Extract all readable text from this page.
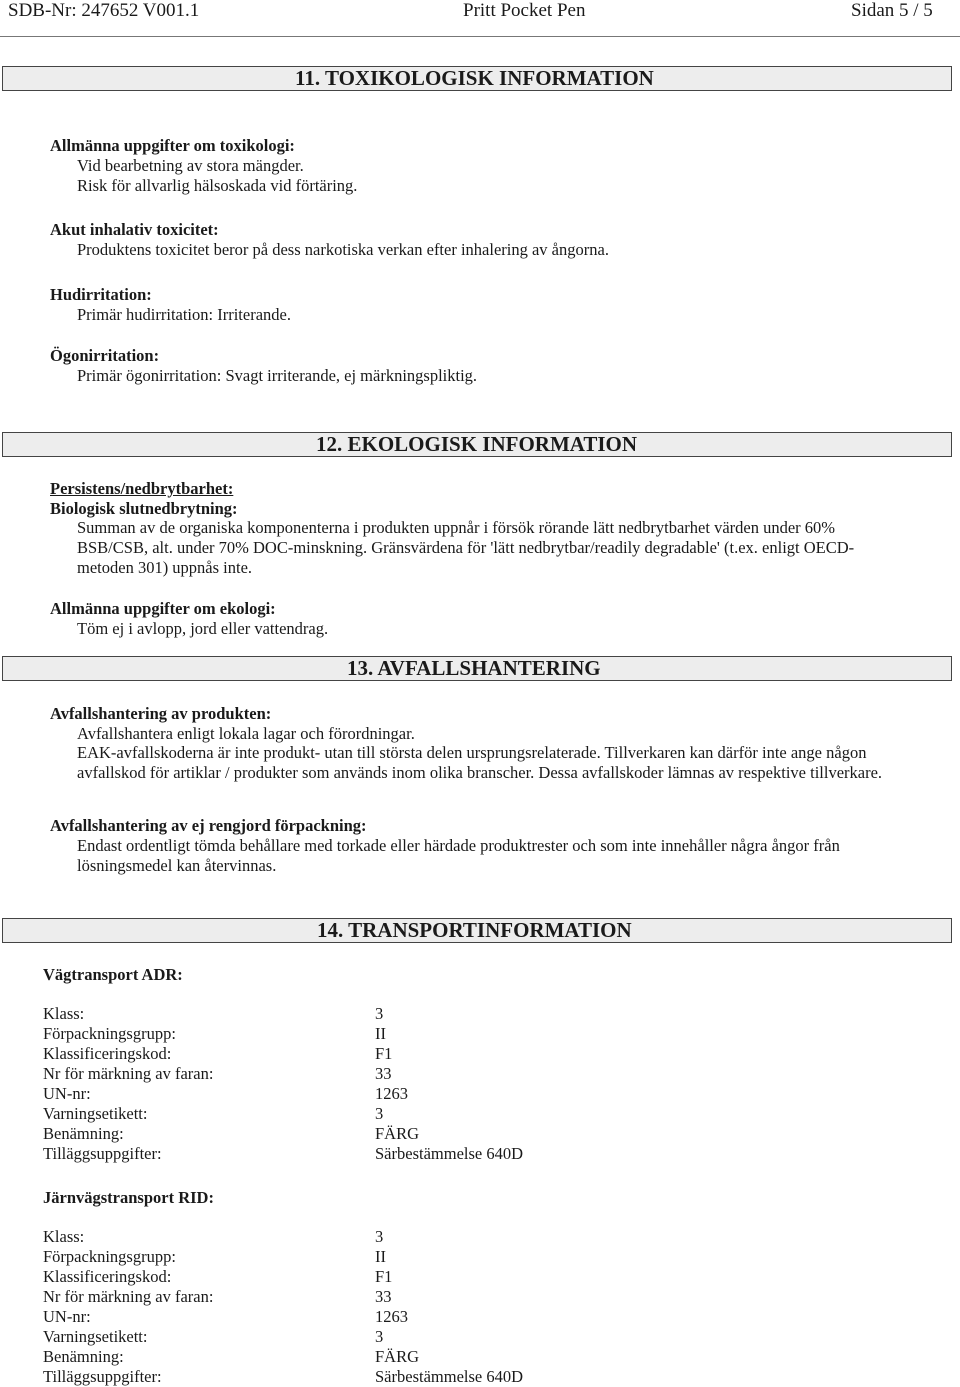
SDB-Nr: 247652 V001.1	Pritt Pocket Pen	Sidan 5 / 5
11. TOXIKOLOGISK INFORMATION
Allmänna uppgifter om toxikologi:
Vid bearbetning av stora mängder.
Risk för allvarlig hälsoskada vid förtäring.
Akut inhalativ toxicitet:
Produktens toxicitet beror på dess narkotiska verkan efter inhalering av ångorna.
Hudirritation:
Primär hudirritation: Irriterande.
Ögonirritation:
Primär ögonirritation: Svagt irriterande, ej märkningspliktig.
12. EKOLOGISK INFORMATION
Persistens/nedbrytbarhet:
Biologisk slutnedbrytning:
Summan av de organiska komponenterna i produkten uppnår i försök rörande lätt nedbrytbarhet värden under 60%
BSB/CSB, alt. under 70% DOC-minskning. Gränsvärdena för 'lätt nedbrytbar/readily degradable' (t.ex. enligt OECD-
metoden 301) uppnås inte.
Allmänna uppgifter om ekologi:
Töm ej i avlopp, jord eller vattendrag.
13. AVFALLSHANTERING
Avfallshantering av produkten:
Avfallshantera enligt lokala lagar och förordningar.
EAK-avfallskoderna är inte produkt- utan till största delen ursprungsrelaterade. Tillverkaren kan därför inte ange någon
avfallskod för artiklar / produkter som används inom olika branscher. Dessa avfallskoder lämnas av respektive tillverkare.
Avfallshantering av ej rengjord förpackning:
Endast ordentligt tömda behållare med torkade eller härdade produktrester och som inte innehåller några ångor från
lösningsmedel kan återvinnas.
14. TRANSPORTINFORMATION
Vägtransport ADR:
Klass:	3
Förpackningsgrupp:	II
Klassificeringskod:	F1
Nr för märkning av faran:	33
UN-nr:	1263
Varningsetikett:	3
Benämning:	FÄRG
Tilläggsuppgifter:	Särbestämmelse 640D
Järnvägstransport RID:
Klass:	3
Förpackningsgrupp:	II
Klassificeringskod:	F1
Nr för märkning av faran:	33
UN-nr:	1263
Varningsetikett:	3
Benämning:	FÄRG
Tilläggsuppgifter:	Särbestämmelse 640D
